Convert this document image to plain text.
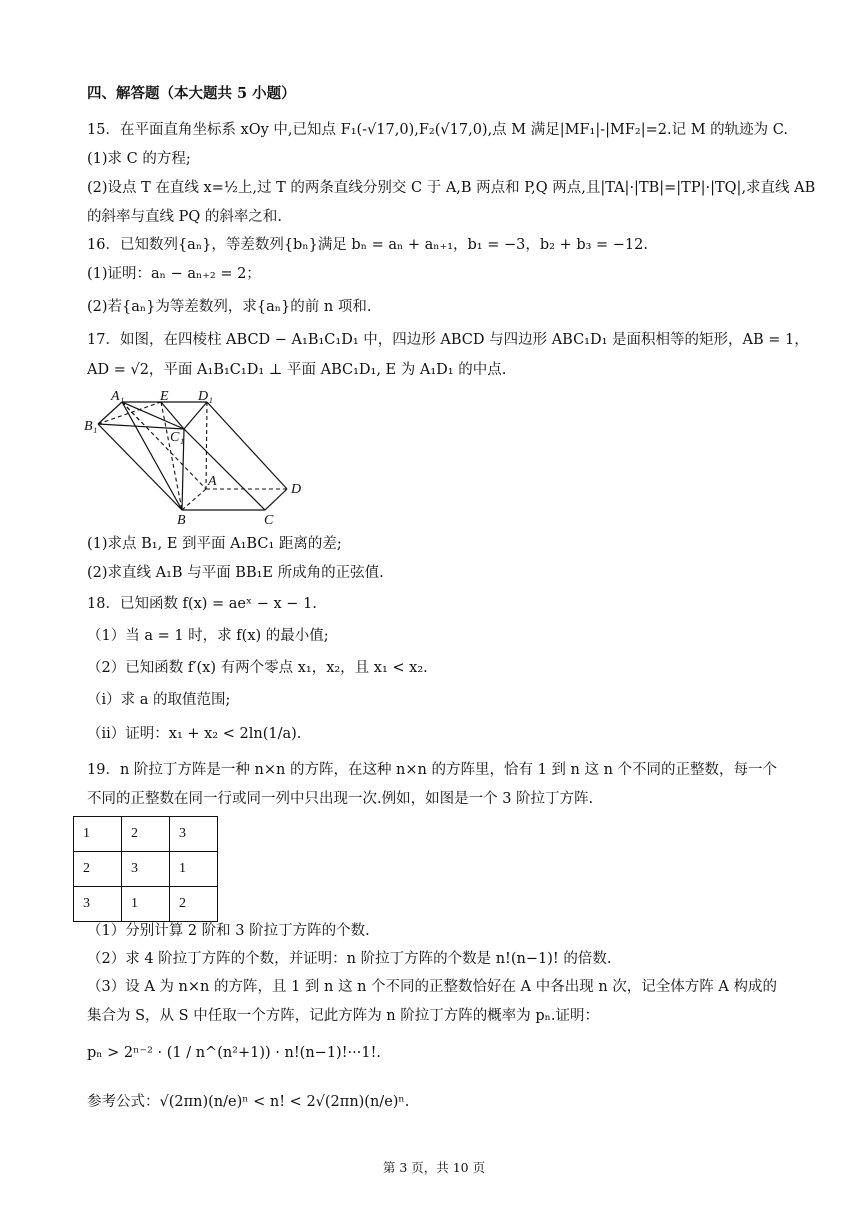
四、解答题（本大题共 5 小题）
15．在平面直角坐标系 xOy 中,已知点 F₁(-√17,0),F₂(√17,0),点 M 满足|MF₁|-|MF₂|=2.记 M 的轨迹为 C.
(1)求 C 的方程;
(2)设点 T 在直线 x=½上,过 T 的两条直线分别交 C 于 A,B 两点和 P,Q 两点,且|TA|·|TB|=|TP|·|TQ|,求直线 AB
的斜率与直线 PQ 的斜率之和.
16．已知数列{aₙ}，等差数列{bₙ}满足 bₙ = aₙ + aₙ₊₁，b₁ = −3，b₂ + b₃ = −12.
(1)证明：aₙ − aₙ₊₂ = 2；
(2)若{aₙ}为等差数列，求{aₙ}的前 n 项和.
17．如图，在四棱柱 ABCD − A₁B₁C₁D₁ 中，四边形 ABCD 与四边形 ABC₁D₁ 是面积相等的矩形，AB = 1，
AD = √2，平面 A₁B₁C₁D₁ ⊥ 平面 ABC₁D₁, E 为 A₁D₁ 的中点.
A₁	E D₁
B₁
C₁
A
D
B	C
(1)求点 B₁, E 到平面 A₁BC₁ 距离的差;
(2)求直线 A₁B 与平面 BB₁E 所成角的正弦值.
18．已知函数 f(x) = aeˣ − x − 1.
（1）当 a = 1 时，求 f(x) 的最小值;
（2）已知函数 f′(x) 有两个零点 x₁，x₂，且 x₁ < x₂.
（ⅰ）求 a 的取值范围;
（ⅱ）证明：x₁ + x₂ < 2ln(1/a).
19．n 阶拉丁方阵是一种 n×n 的方阵，在这种 n×n 的方阵里，恰有 1 到 n 这 n 个不同的正整数，每一个
不同的正整数在同一行或同一列中只出现一次.例如，如图是一个 3 阶拉丁方阵.
1	2	3
2	3	1
3	1	2
（1）分别计算 2 阶和 3 阶拉丁方阵的个数.
（2）求 4 阶拉丁方阵的个数，并证明：n 阶拉丁方阵的个数是 n!(n−1)! 的倍数.
（3）设 A 为 n×n 的方阵，且 1 到 n 这 n 个不同的正整数恰好在 A 中各出现 n 次，记全体方阵 A 构成的
集合为 S，从 S 中任取一个方阵，记此方阵为 n 阶拉丁方阵的概率为 pₙ.证明：
pₙ > 2ⁿ⁻² · (1 / n^(n²+1)) · n!(n−1)!···1!.
参考公式：√(2πn)(n/e)ⁿ < n! < 2√(2πn)(n/e)ⁿ.
第 3 页，共 10 页
